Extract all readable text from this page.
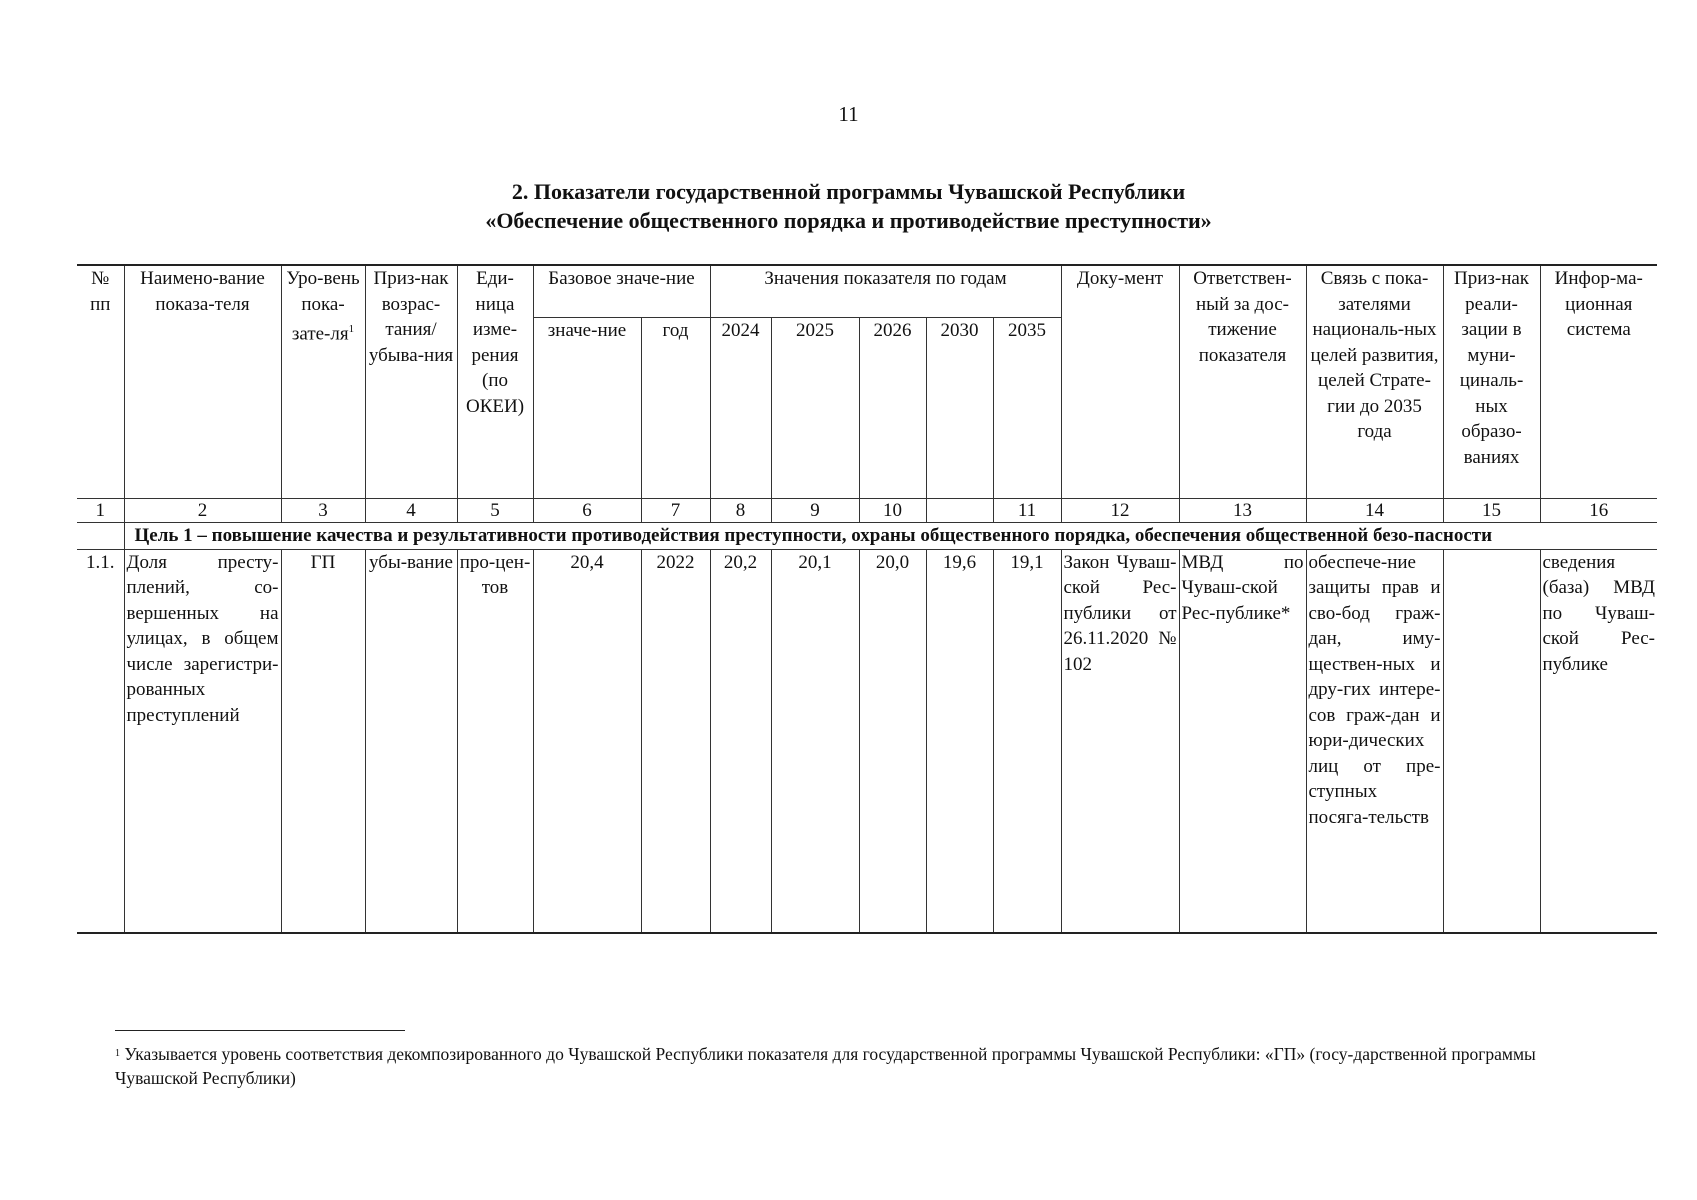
11
2. Показатели государственной программы Чувашской Республики
«Обеспечение общественного порядка и противодействие преступности»
№ пп	Наимено-вание показа-теля	Уро-вень пока-$зате-ля^1$	Приз-нак возрас-тания/ убыва-ния	Еди-ница изме-рения (по ОКЕИ)	Базовое значе-ние		Значения показателя по годам					Доку-мент	Ответствен-ный за дос-тижение показателя	Связь с пока-зателями националь-ных целей развития, целей Страте-гии до 2035 года	Приз-нак реали-зации в муни-циналь-ных образо-ваниях	Инфор-ма-ционная система
					значе-ние	год	2024	2025	2026	2030	2035					
1	2	3	4	5	6	7	8	9	10		11	12	13	14	15	16
	Цель 1 – повышение качества и результативности противодействия преступности, охраны общественного порядка, обеспечения общественной безо-пасности															
1.1.	Доля престу-плений, со-вершенных на улицах, в общем числе зарегистри-рованных преступлений	ГП	убы-вание	про-цен-тов	20,4	2022	20,2	20,1	20,0	19,6	19,1	Закон Чуваш-ской Рес-публики от 26.11.2020 № 102	МВД по Чуваш-ской Рес-публике*	обеспече-ние защиты прав и сво-бод граж-дан, иму-ществен-ных и дру-гих интере-сов граж-дан и юри-дических лиц от пре-ступных посяга-тельств		сведения (база) МВД по Чуваш-ской Рес-публике
$^1$ Указывается уровень соответствия декомпозированного до Чувашской Республики показателя для государственной программы Чувашской Республики: «ГП» (госу-дарственной программы Чувашской Республики)
